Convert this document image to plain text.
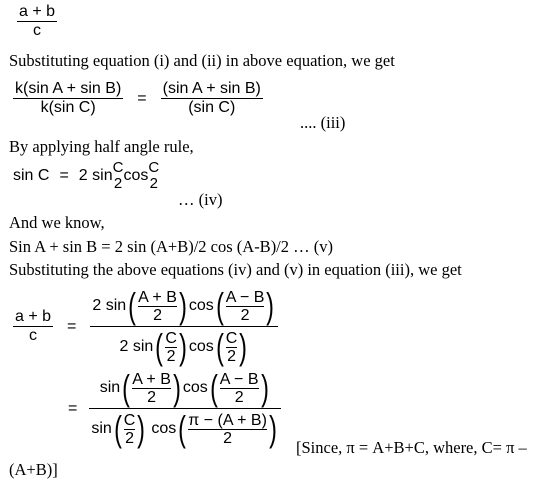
$\frac{a + b}{c}$
Substituting equation (i) and (ii) in above equation, we get
$\frac{\text{k(sin A + sin B)}}{\text{k(sin C)}} = \frac{\text{(sin A + sin B)}}{\text{(sin C)}}$
.... (iii)
By applying half angle rule,
sin C = 2 sin C
2 cos C
2
… (iv)
And we know,
Sin A + sin B = 2 sin (A+B)/2 cos (A-B)/2 … (v)
Substituting the above equations (iv) and (v) in equation (iii), we get
$\frac{a + b}{c}$ =
2 sin ( A + B
2 ) cos ( A − B
2 )
2 sin ( C
2 ) cos ( C
2 )
=
sin ( A + B
2 ) cos ( A − B
2 )
sin ( C
2 ) cos ( π − (A + B)
2 ) [Since, π = A+B+C, where, C= π –
(A+B)]
